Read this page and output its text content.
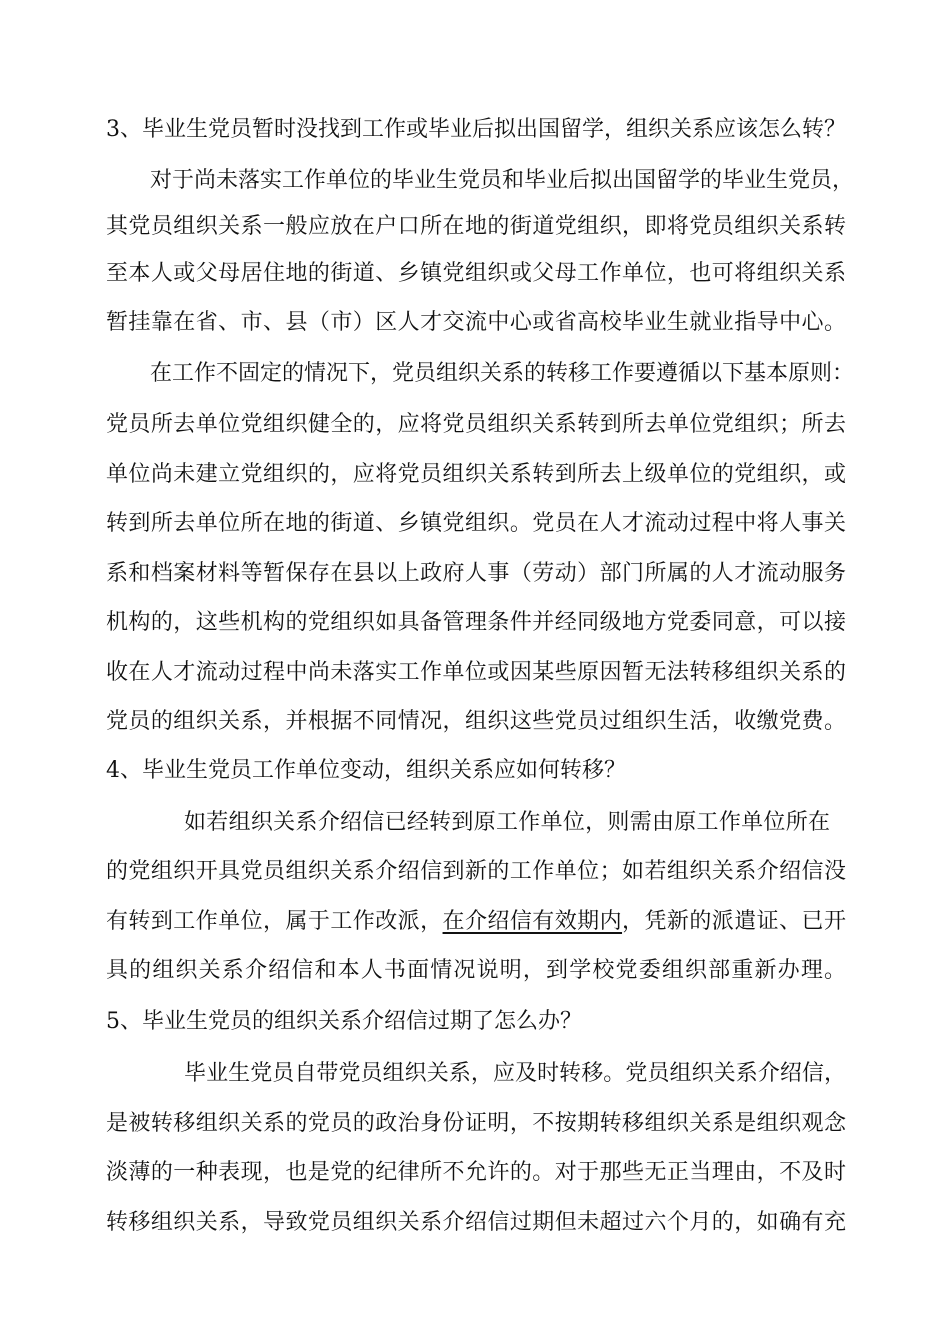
3、毕业生党员暂时没找到工作或毕业后拟出国留学，组织关系应该怎么转？
对于尚未落实工作单位的毕业生党员和毕业后拟出国留学的毕业生党员，
其党员组织关系一般应放在户口所在地的街道党组织，即将党员组织关系转
至本人或父母居住地的街道、乡镇党组织或父母工作单位，也可将组织关系
暂挂靠在省、市、县（市）区人才交流中心或省高校毕业生就业指导中心。
在工作不固定的情况下，党员组织关系的转移工作要遵循以下基本原则：
党员所去单位党组织健全的，应将党员组织关系转到所去单位党组织；所去
单位尚未建立党组织的，应将党员组织关系转到所去上级单位的党组织，或
转到所去单位所在地的街道、乡镇党组织。党员在人才流动过程中将人事关
系和档案材料等暂保存在县以上政府人事（劳动）部门所属的人才流动服务
机构的，这些机构的党组织如具备管理条件并经同级地方党委同意，可以接
收在人才流动过程中尚未落实工作单位或因某些原因暂无法转移组织关系的
党员的组织关系，并根据不同情况，组织这些党员过组织生活，收缴党费。
4、毕业生党员工作单位变动，组织关系应如何转移？
如若组织关系介绍信已经转到原工作单位，则需由原工作单位所在
的党组织开具党员组织关系介绍信到新的工作单位；如若组织关系介绍信没
有转到工作单位，属于工作改派，在介绍信有效期内，凭新的派遣证、已开
具的组织关系介绍信和本人书面情况说明，到学校党委组织部重新办理。
5、毕业生党员的组织关系介绍信过期了怎么办？
毕业生党员自带党员组织关系，应及时转移。党员组织关系介绍信，
是被转移组织关系的党员的政治身份证明，不按期转移组织关系是组织观念
淡薄的一种表现，也是党的纪律所不允许的。对于那些无正当理由，不及时
转移组织关系，导致党员组织关系介绍信过期但未超过六个月的，如确有充
